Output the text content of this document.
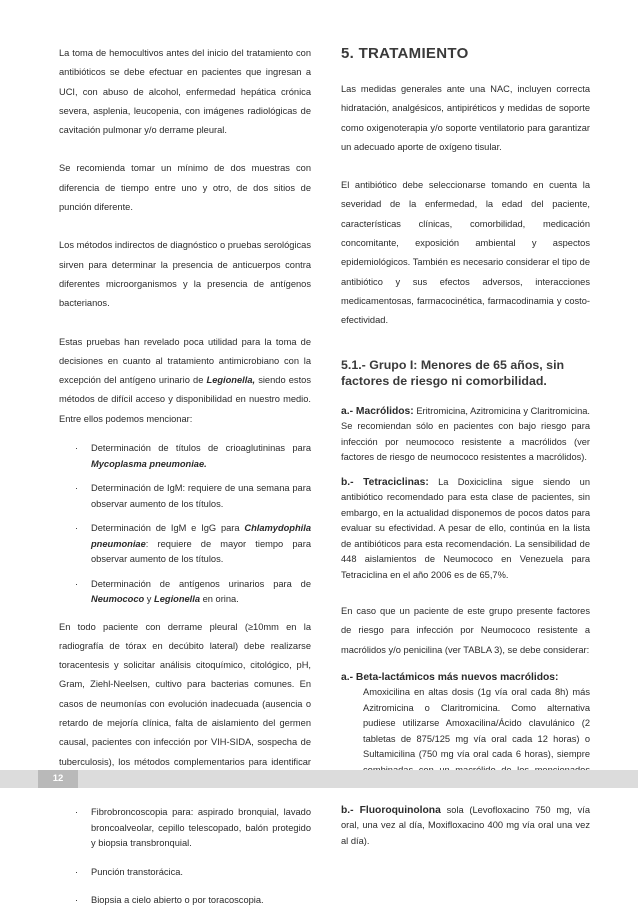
La toma de hemocultivos antes del inicio del tratamiento con antibióticos se debe efectuar en pacientes que ingresan a UCI, con abuso de alcohol, enfermedad hepática crónica severa, asplenia, leucopenia, con imágenes radiológicas de cavitación pulmonar y/o derrame pleural.

Se recomienda tomar un mínimo de dos muestras con diferencia de tiempo entre uno y otro, de dos sitios de punción diferente.

Los métodos indirectos de diagnóstico o pruebas serológicas sirven para determinar la presencia de anticuerpos contra diferentes microorganismos y la presencia de antígenos bacterianos.

Estas pruebas han revelado poca utilidad para la toma de decisiones en cuanto al tratamiento antimicrobiano con la excepción del antígeno urinario de Legionella, siendo estos métodos de difícil acceso y disponibilidad en nuestro medio. Entre ellos podemos mencionar:

· Determinación de títulos de crioaglutininas para Mycoplasma pneumoniae.
· Determinación de IgM: requiere de una semana para observar aumento de los títulos.
· Determinación de IgM e IgG para Chlamydophila pneumoniae: requiere de mayor tiempo para observar aumento de los títulos.
· Determinación de antígenos urinarios para de Neumococo y Legionella en orina.

En todo paciente con derrame pleural (≥10mm en la radiografía de tórax en decúbito lateral) debe realizarse toracentesis y solicitar análisis citoquímico, citológico, pH, Gram, Ziehl-Neelsen, cultivo para bacterias comunes. En casos de neumonías con evolución inadecuada (ausencia o retardo de mejoría clínica, falta de aislamiento del germen causal, pacientes con infección por VIH-SIDA, sospecha de tuberculosis), los métodos complementarios para identificar

· Fibrobroncoscopia para: aspirado bronquial, lavado broncoalveolar, cepillo telescopado, balón protegido y biopsia transbronquial.
· Punción transtorácica.
· Biopsia a cielo abierto o por toracoscopia.
5. TRATAMIENTO

Las medidas generales ante una NAC, incluyen correcta hidratación, analgésicos, antipiréticos y medidas de soporte como oxigenoterapia y/o soporte ventilatorio para garantizar un adecuado aporte de oxígeno tisular.

El antibiótico debe seleccionarse tomando en cuenta la severidad de la enfermedad, la edad del paciente, características clínicas, comorbilidad, medicación concomitante, exposición ambiental y aspectos epidemiológicos. También es necesario considerar el tipo de antibiótico y sus efectos adversos, interacciones medicamentosas, farmacocinética, farmacodinamia y costo-efectividad.

5.1.- Grupo I: Menores de 65 años, sin factores de riesgo ni comorbilidad.
a.- Macrólidos: Eritromicina, Azitromicina y Claritromicina. Se recomiendan sólo en pacientes con bajo riesgo para infección por neumococo resistente a macrólidos (ver factores de riesgo de neumococo resistentes a macrólidos).
b.- Tetraciclinas: La Doxiciclina sigue siendo un antibiótico recomendado para esta clase de pacientes, sin embargo, en la actualidad disponemos de pocos datos para evaluar su efectividad. A pesar de ello, continúa en la lista de antibióticos para esta recomendación. La sensibilidad de 448 aislamientos de Neumococo en Venezuela para Tetraciclina en el año 2006 es de 65,7%.

En caso que un paciente de este grupo presente factores de riesgo para infección por Neumococo resistente a macrólidos y/o penicilina (ver TABLA 3), se debe considerar:

a.- Beta-lactámicos más nuevos macrólidos:
Amoxicilina en altas dosis (1g vía oral cada 8h) más Azitromicina o Claritromicina. Como alternativa pudiese utilizarse Amoxacilina/Ácido clavulánico (2 tabletas de 875/125 mg vía oral cada 12 horas) o Sultamicilina (750 mg vía oral cada 6 horas), siempre
b.- Fluoroquinolona sola (Levofloxacino 750 mg, vía oral, una vez al día, Moxifloxacino 400 mg vía oral una vez al día).
12
